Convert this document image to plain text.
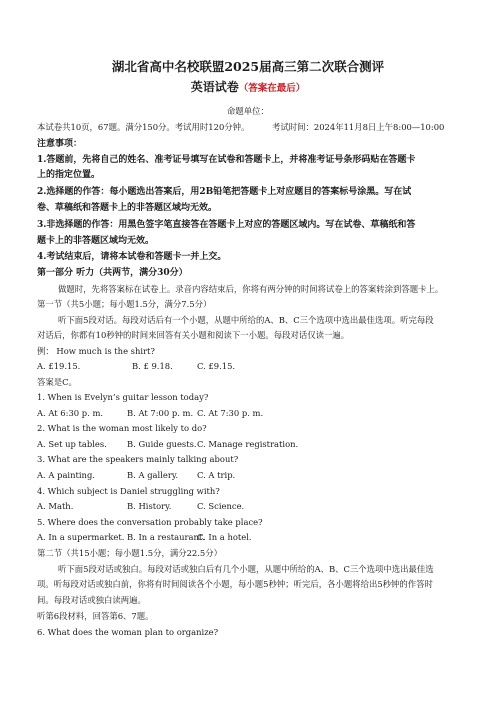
湖北省高中名校联盟2025届高三第二次联合测评
英语试卷（答案在最后）
命题单位：
本试卷共10页，67题。满分150分。考试用时120分钟。	考试时间：2024年11月8日上午8:00—10:00
注意事项：
1.答题前，先将自己的姓名、准考证号填写在试卷和答题卡上，并将准考证号条形码贴在答题卡
上的指定位置。
2.选择题的作答：每小题选出答案后，用2B铅笔把答题卡上对应题目的答案标号涂黑。写在试
卷、草稿纸和答题卡上的非答题区域均无效。
3.非选择题的作答：用黑色签字笔直接答在答题卡上对应的答题区域内。写在试卷、草稿纸和答
题卡上的非答题区域均无效。
4.考试结束后，请将本试卷和答题卡一并上交。
第一部分 听力（共两节，满分30分）
做题时，先将答案标在试卷上。录音内容结束后，你将有两分钟的时间将试卷上的答案转涂到答题卡上。
第一节（共5小题；每小题1.5分，满分7.5分）
听下面5段对话。每段对话后有一个小题，从题中所给的A、B、C三个选项中选出最佳选项。听完每段
对话后，你都有10秒钟的时间来回答有关小题和阅读下一小题。每段对话仅读一遍。
例： How much is the shirt?
A. £19.15.	B. £ 9.18.	C. £9.15.
答案是C。
1. When is Evelyn’s guitar lesson today?
A. At 6:30 p. m.	B. At 7:00 p. m. C. At 7:30 p. m.
2. What is the woman most likely to do?
A. Set up tables. B. Guide guests. C. Manage registration.
3. What are the speakers mainly talking about?
A. A painting.	B. A gallery. C. A trip.
4. Which subject is Daniel struggling with?
A. Math.	B. History.	C. Science.
5. Where does the conversation probably take place?
A. In a supermarket. B. In a restaurant.
C. In a hotel.
第二节（共15小题；每小题1.5分，满分22.5分）
听下面5段对话或独白。每段对话或独白后有几个小题，从题中所给的A、B、C三个选项中选出最佳选
项。听每段对话或独白前，你将有时间阅读各个小题，每小题5秒钟；听完后，各小题将给出5秒钟的作答时
间。每段对话或独白读两遍。
听第6段材料，回答第6、7题。
6. What does the woman plan to organize?
